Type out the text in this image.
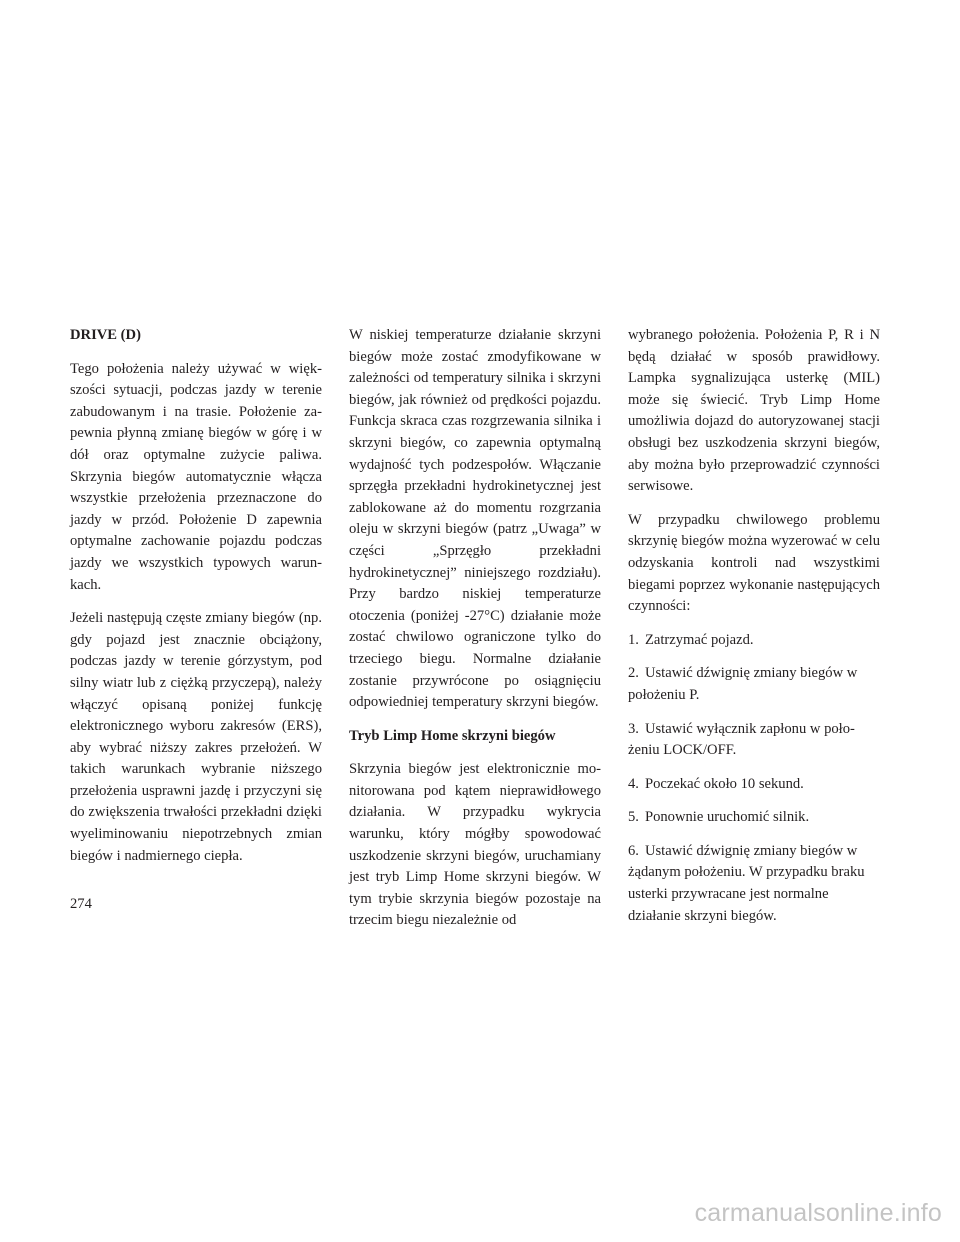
DRIVE (D)

Tego położenia należy używać w większości sytuacji, podczas jazdy w terenie zabudowanym i na trasie. Położenie zapewnia płynną zmianę biegów w górę i w dół oraz optymalne zużycie paliwa. Skrzynia biegów automatycznie włącza wszystkie przełożenia przeznaczone do jazdy w przód. Położenie D zapewnia optymalne zachowanie pojazdu podczas jazdy we wszystkich typowych warunkach.

Jeżeli następują częste zmiany biegów (np. gdy pojazd jest znacznie obciążony, podczas jazdy w terenie górzystym, pod silny wiatr lub z ciężką przyczepą), należy włączyć opisaną poniżej funkcję elektronicznego wyboru zakresów (ERS), aby wybrać niższy zakres przełożeń. W takich warunkach wybranie niższego przełożenia usprawni jazdę i przyczyni się do zwiększenia trwałości przekładni dzięki wyeliminowaniu niepotrzebnych zmian biegów i nadmiernego ciepła.

W niskiej temperaturze działanie skrzyni biegów może zostać zmodyfikowane w zależności od temperatury silnika i skrzyni biegów, jak również od prędkości pojazdu. Funkcja skraca czas rozgrzewania silnika i skrzyni biegów, co zapewnia optymalną wydajność tych podzespołów. Włączanie sprzęgła przekładni hydrokinetycznej jest zablokowane aż do momentu rozgrzania oleju w skrzyni biegów (patrz „Uwaga” w części „Sprzęgło przekładni hydrokinetycznej” niniejszego rozdziału). Przy bardzo niskiej temperaturze otoczenia (poniżej -27°C) działanie może zostać chwilowo ograniczone tylko do trzeciego biegu. Normalne działanie zostanie przywrócone po osiągnięciu odpowiedniej temperatury skrzyni biegów.

Tryb Limp Home skrzyni biegów

Skrzynia biegów jest elektronicznie monitorowana pod kątem nieprawidłowego działania. W przypadku wykrycia warunku, który mógłby spowodować uszkodzenie skrzyni biegów, uruchamiany jest tryb Limp Home skrzyni biegów. W tym trybie skrzynia biegów pozostaje na trzecim biegu niezależnie od

wybranego położenia. Położenia P, R i N będą działać w sposób prawidłowy. Lampka sygnalizująca usterkę (MIL) może się świecić. Tryb Limp Home umożliwia dojazd do autoryzowanej stacji obsługi bez uszkodzenia skrzyni biegów, aby można było przeprowadzić czynności serwisowe.

W przypadku chwilowego problemu skrzynię biegów można wyzerować w celu odzyskania kontroli nad wszystkimi biegami poprzez wykonanie następujących czynności:

1. Zatrzymać pojazd.
2. Ustawić dźwignię zmiany biegów w położeniu P.
3. Ustawić wyłącznik zapłonu w położeniu LOCK/OFF.
4. Poczekać około 10 sekund.
5. Ponownie uruchomić silnik.
6. Ustawić dźwignię zmiany biegów w żądanym położeniu. W przypadku braku usterki przywracane jest normalne działanie skrzyni biegów.
274
carmanualsonline.info
